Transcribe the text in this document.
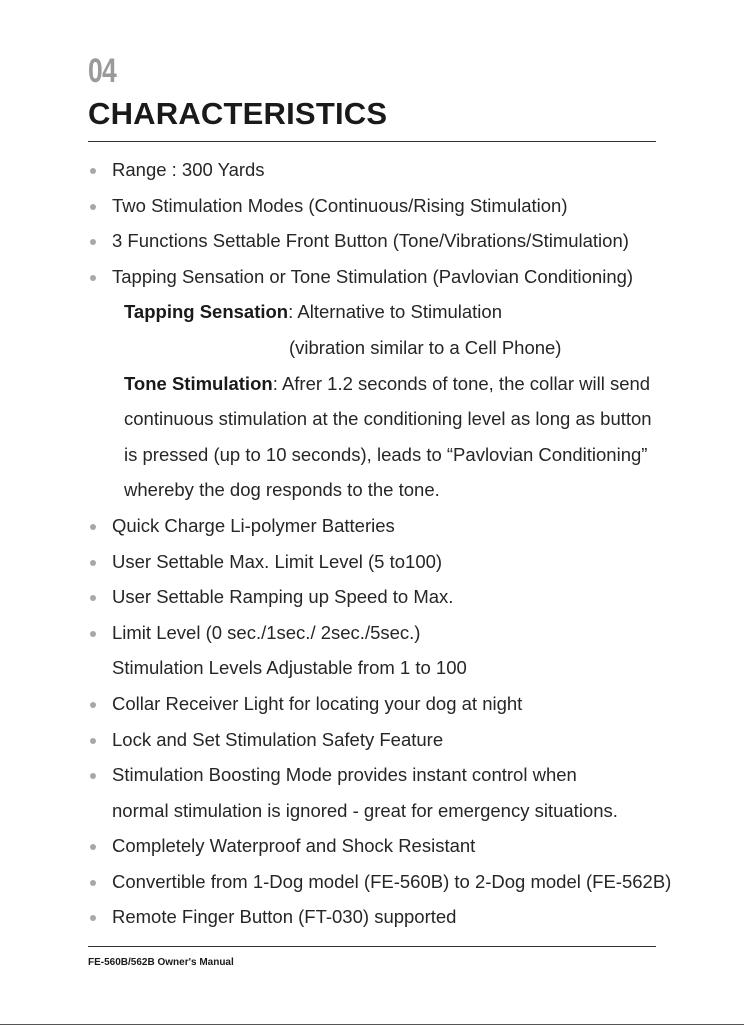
04
CHARACTERISTICS
Range : 300 Yards
Two Stimulation Modes (Continuous/Rising Stimulation)
3 Functions Settable Front Button (Tone/Vibrations/Stimulation)
Tapping Sensation or Tone Stimulation (Pavlovian Conditioning)
Tapping Sensation: Alternative to Stimulation
(vibration similar to a Cell Phone)
Tone Stimulation: Afrer 1.2 seconds of tone, the collar will send
continuous stimulation at the conditioning level as long as button
is pressed (up to 10 seconds), leads to “Pavlovian Conditioning”
whereby the dog responds to the tone.
Quick Charge Li-polymer Batteries
User Settable Max. Limit Level (5 to100)
User Settable Ramping up Speed to Max.
Limit Level (0 sec./1sec./ 2sec./5sec.)
Stimulation Levels Adjustable from 1 to 100
Collar Receiver Light for locating your dog at night
Lock and Set Stimulation Safety Feature
Stimulation Boosting Mode provides instant control when
normal stimulation is ignored - great for emergency situations.
Completely Waterproof and Shock Resistant
Convertible from 1-Dog model (FE-560B) to 2-Dog model (FE-562B)
Remote Finger Button (FT-030) supported
FE-560B/562B Owner's Manual
